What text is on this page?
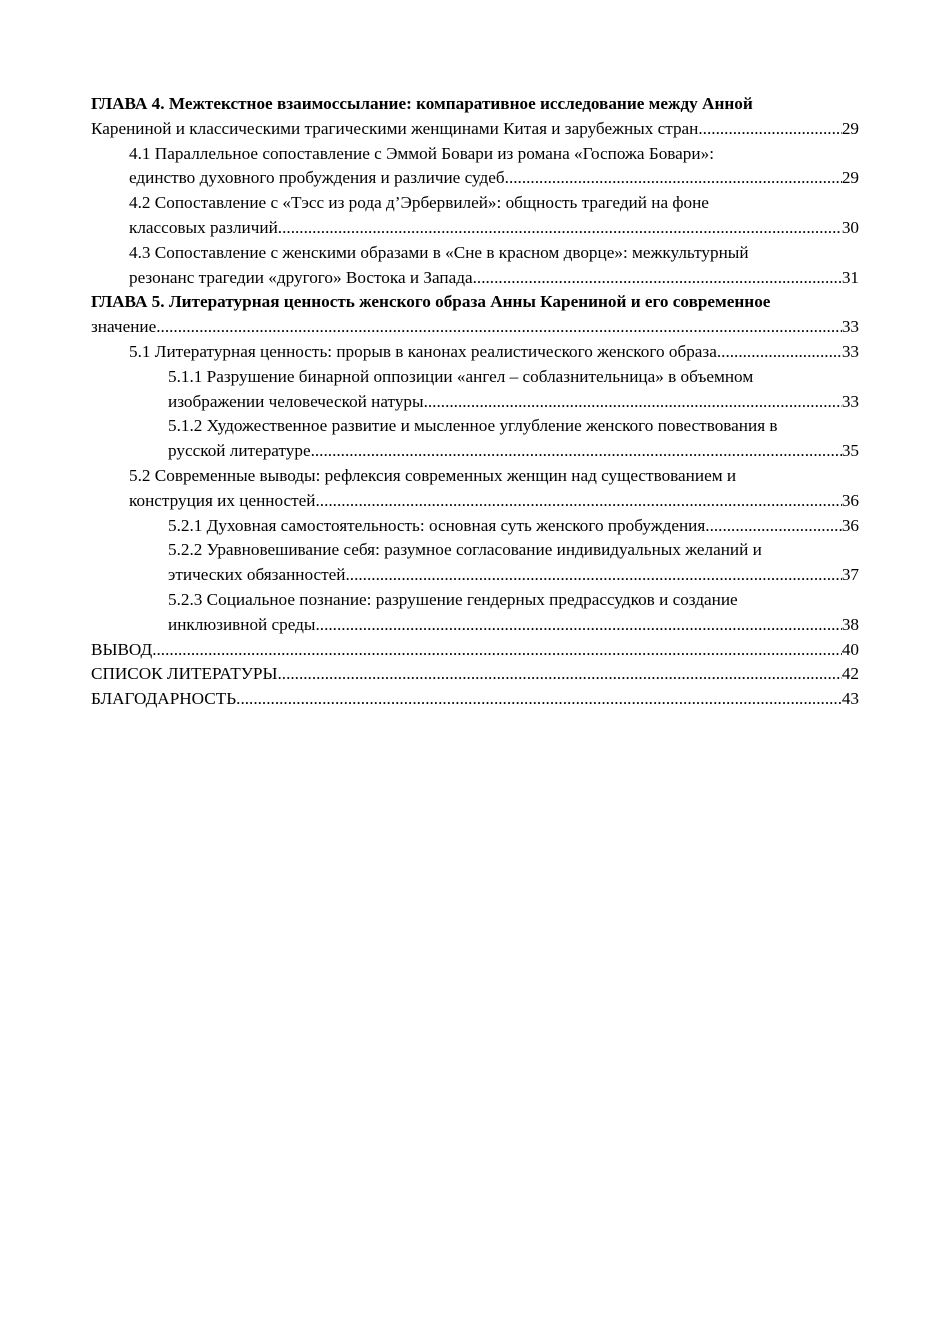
ГЛАВА 4. Межтекстное взаимоссылание: компаративное исследование между Анной
Карениной и классическими трагическими женщинами Китая и зарубежных стран .....	29
4.1 Параллельное сопоставление с Эммой Бовари из романа «Госпожа Бовари»:
единство духовного пробуждения и различие судеб .....	29
4.2 Сопоставление с «Тэсс из рода д’Эрбервилей»: общность трагедий на фоне
классовых различий .....	30
4.3 Сопоставление с женскими образами в «Сне в красном дворце»: межкультурный
резонанс трагедии «другого» Востока и Запада .....	31
ГЛАВА 5. Литературная ценность женского образа Анны Карениной и его современное
значение .....	33
5.1 Литературная ценность: прорыв в канонах реалистического женского образа .....	33
5.1.1 Разрушение бинарной оппозиции «ангел – соблазнительница» в объемном
изображении человеческой натуры .....	33
5.1.2 Художественное развитие и мысленное углубление женского повествования в
русской литературе .....	35
5.2 Современные выводы: рефлексия современных женщин над существованием и
конструция их ценностей .....	36
5.2.1 Духовная самостоятельность: основная суть женского пробуждения .....	36
5.2.2 Уравновешивание себя: разумное согласование индивидуальных желаний и
этических обязанностей .....	37
5.2.3 Социальное познание: разрушение гендерных предрассудков и создание
инклюзивной среды .....	38
ВЫВОД .....	40
СПИСОК ЛИТЕРАТУРЫ .....	42
БЛАГОДАРНОСТЬ .....	43
